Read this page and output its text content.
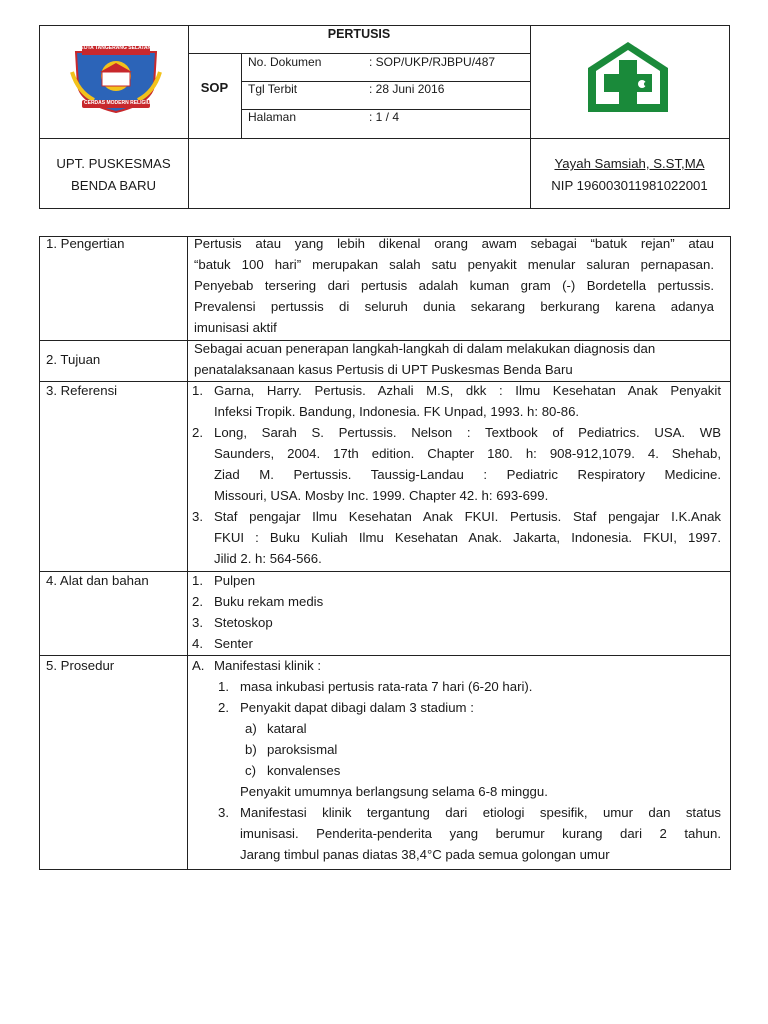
KOTA TANGERANG SELATAN
CERDAS MODERN RELIGIUS
PERTUSIS
SOP
No. Dokumen	: SOP/UKP/RJBPU/487
Tgl Terbit	: 28 Juni 2016
Halaman	: 1 / 4
UPT. PUSKESMAS
BENDA BARU
Yayah Samsiah, S.ST,MA
NIP 196003011981022001
1. Pengertian	Pertusis atau yang lebih dikenal orang awam sebagai “batuk rejan” atau
“batuk 100 hari” merupakan salah satu penyakit menular saluran pernapasan.
Penyebab tersering dari pertusis adalah kuman gram (-) Bordetella pertussis.
Prevalensi pertussis di seluruh dunia sekarang berkurang karena adanya
imunisasi aktif
2. Tujuan
Sebagai acuan penerapan langkah-langkah di dalam melakukan diagnosis dan
penatalaksanaan kasus Pertusis di UPT Puskesmas Benda Baru
3. Referensi	1. Garna, Harry. Pertusis. Azhali M.S, dkk : Ilmu Kesehatan Anak Penyakit
Infeksi Tropik. Bandung, Indonesia. FK Unpad, 1993. h: 80-86.
2. Long, Sarah S. Pertussis. Nelson : Textbook of Pediatrics. USA. WB
Saunders, 2004. 17th edition. Chapter 180. h: 908-912,1079. 4. Shehab,
Ziad M. Pertussis. Taussig-Landau : Pediatric Respiratory Medicine.
Missouri, USA. Mosby Inc. 1999. Chapter 42. h: 693-699.
3. Staf pengajar Ilmu Kesehatan Anak FKUI. Pertusis. Staf pengajar I.K.Anak
FKUI : Buku Kuliah Ilmu Kesehatan Anak. Jakarta, Indonesia. FKUI, 1997.
Jilid 2. h: 564-566.
4. Alat dan bahan	1. Pulpen
2. Buku rekam medis
3. Stetoskop
4. Senter
5. Prosedur	A. Manifestasi klinik :
1. masa inkubasi pertusis rata-rata 7 hari (6-20 hari).
2. Penyakit dapat dibagi dalam 3 stadium :
a) kataral
b) paroksismal
c) konvalenses
Penyakit umumnya berlangsung selama 6-8 minggu.
3. Manifestasi klinik tergantung dari etiologi spesifik, umur dan status
imunisasi. Penderita-penderita yang berumur kurang dari 2 tahun.
Jarang timbul panas diatas 38,4°C pada semua golongan umur
